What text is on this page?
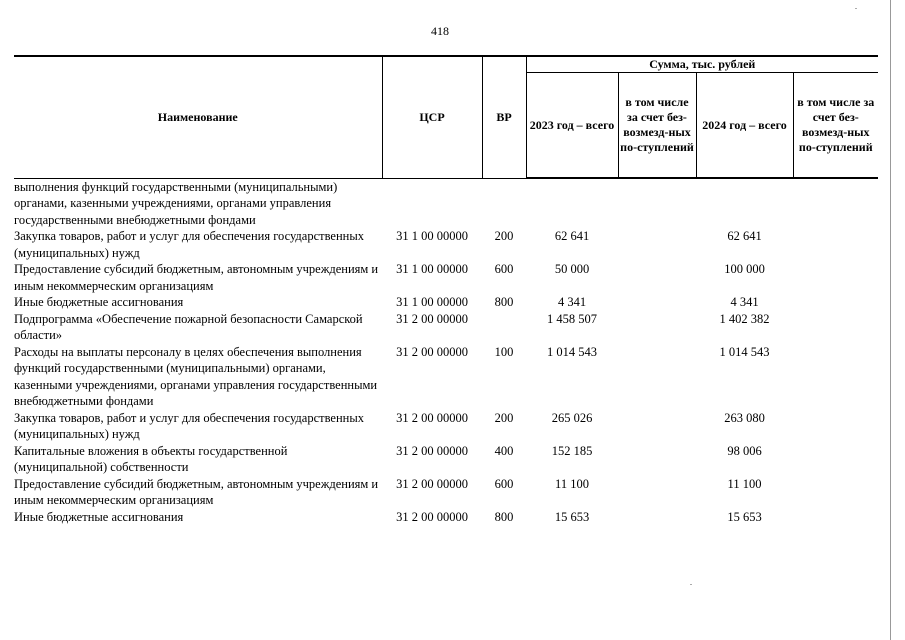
418
Наименование	ЦСР	ВР	Сумма, тыс. рублей			
			2023 год – всего	в том числе за счет без-возмезд-ных по-ступлений	2024 год – всего	в том числе за счет без-возмезд-ных по-ступлений
выполнения функций государственными (муниципальными) органами, казенными учреждениями, органами управления государственными внебюджетными фондами						
Закупка товаров, работ и услуг для обеспечения государственных (муниципальных) нужд	31 1 00 00000	200	62 641		62 641	
Предоставление субсидий бюджетным, автономным учреждениям и иным некоммерческим организациям	31 1 00 00000	600	50 000		100 000	
Иные бюджетные ассигнования	31 1 00 00000	800	4 341		4 341	
Подпрограмма «Обеспечение пожарной безопасности Самарской области»	31 2 00 00000		1 458 507		1 402 382	
Расходы на выплаты персоналу в целях обеспечения выполнения функций государственными (муниципальными) органами, казенными учреждениями, органами управления государственными внебюджетными фондами	31 2 00 00000	100	1 014 543		1 014 543	
Закупка товаров, работ и услуг для обеспечения государственных (муниципальных) нужд	31 2 00 00000	200	265 026		263 080	
Капитальные вложения в объекты государственной (муниципальной) собственности	31 2 00 00000	400	152 185		98 006	
Предоставление субсидий бюджетным, автономным учреждениям и иным некоммерческим организациям	31 2 00 00000	600	11 100		11 100	
Иные бюджетные ассигнования	31 2 00 00000	800	15 653		15 653	
